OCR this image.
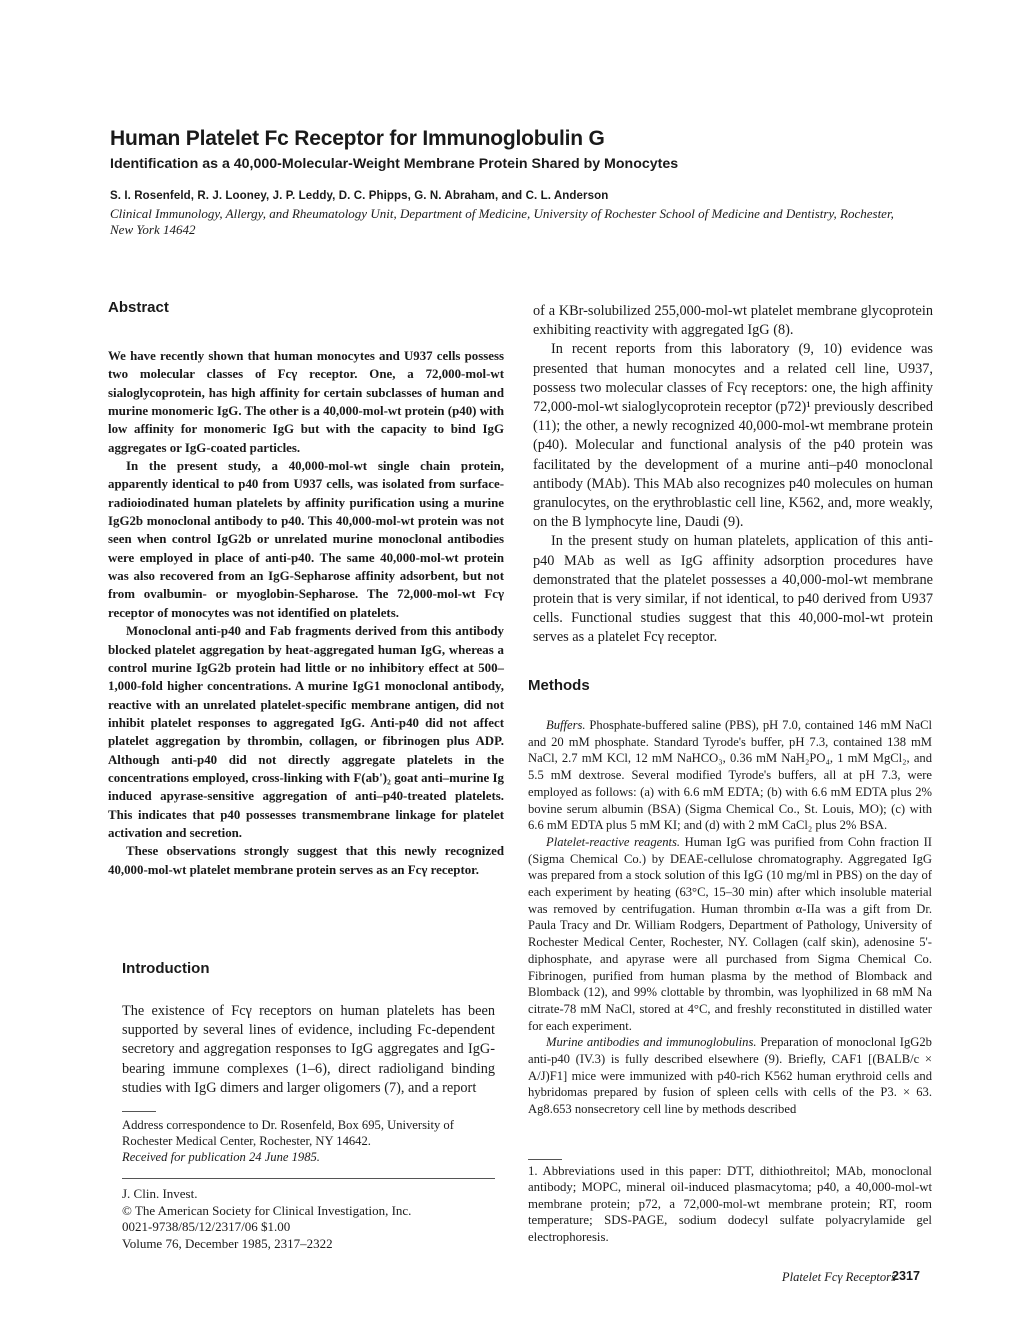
Human Platelet Fc Receptor for Immunoglobulin G
Identification as a 40,000-Molecular-Weight Membrane Protein Shared by Monocytes
S. I. Rosenfeld, R. J. Looney, J. P. Leddy, D. C. Phipps, G. N. Abraham, and C. L. Anderson
Clinical Immunology, Allergy, and Rheumatology Unit, Department of Medicine, University of Rochester School of Medicine and Dentistry, Rochester, New York 14642
Abstract

We have recently shown that human monocytes and U937 cells possess two molecular classes of Fcγ receptor. One, a 72,000-mol-wt sialoglycoprotein, has high affinity for certain subclasses of human and murine monomeric IgG. The other is a 40,000-mol-wt protein (p40) with low affinity for monomeric IgG but with the capacity to bind IgG aggregates or IgG-coated particles.

In the present study, a 40,000-mol-wt single chain protein, apparently identical to p40 from U937 cells, was isolated from surface-radioiodinated human platelets by affinity purification using a murine IgG2b monoclonal antibody to p40. This 40,000-mol-wt protein was not seen when control IgG2b or unrelated murine monoclonal antibodies were employed in place of anti-p40. The same 40,000-mol-wt protein was also recovered from an IgG-Sepharose affinity adsorbent, but not from ovalbumin- or myoglobin-Sepharose. The 72,000-mol-wt Fcγ receptor of monocytes was not identified on platelets.

Monoclonal anti-p40 and Fab fragments derived from this antibody blocked platelet aggregation by heat-aggregated human IgG, whereas a control murine IgG2b protein had little or no inhibitory effect at 500–1,000-fold higher concentrations. A murine IgG1 monoclonal antibody, reactive with an unrelated platelet-specific membrane antigen, did not inhibit platelet responses to aggregated IgG. Anti-p40 did not affect platelet aggregation by thrombin, collagen, or fibrinogen plus ADP. Although anti-p40 did not directly aggregate platelets in the concentrations employed, cross-linking with F(ab')₂ goat anti–murine Ig induced apyrase-sensitive aggregation of anti–p40-treated platelets. This indicates that p40 possesses transmembrane linkage for platelet activation and secretion.

These observations strongly suggest that this newly recognized 40,000-mol-wt platelet membrane protein serves as an Fcγ receptor.

Introduction

The existence of Fcγ receptors on human platelets has been supported by several lines of evidence, including Fc-dependent secretory and aggregation responses to IgG aggregates and IgG-bearing immune complexes (1–6), direct radioligand binding studies with IgG dimers and larger oligomers (7), and a report

Address correspondence to Dr. Rosenfeld, Box 695, University of Rochester Medical Center, Rochester, NY 14642.

Received for publication 24 June 1985.

J. Clin. Invest.

© The American Society for Clinical Investigation, Inc.

0021-9738/85/12/2317/06 $1.00

Volume 76, December 1985, 2317–2322

of a KBr-solubilized 255,000-mol-wt platelet membrane glycoprotein exhibiting reactivity with aggregated IgG (8).

In recent reports from this laboratory (9, 10) evidence was presented that human monocytes and a related cell line, U937, possess two molecular classes of Fcγ receptors: one, the high affinity 72,000-mol-wt sialoglycoprotein receptor (p72)¹ previously described (11); the other, a newly recognized 40,000-mol-wt membrane protein (p40). Molecular and functional analysis of the p40 protein was facilitated by the development of a murine anti–p40 monoclonal antibody (MAb). This MAb also recognizes p40 molecules on human granulocytes, on the erythroblastic cell line, K562, and, more weakly, on the B lymphocyte line, Daudi (9).

In the present study on human platelets, application of this anti-p40 MAb as well as IgG affinity adsorption procedures have demonstrated that the platelet possesses a 40,000-mol-wt membrane protein that is very similar, if not identical, to p40 derived from U937 cells. Functional studies suggest that this 40,000-mol-wt protein serves as a platelet Fcγ receptor.

Methods

Buffers. Phosphate-buffered saline (PBS), pH 7.0, contained 146 mM NaCl and 20 mM phosphate. Standard Tyrode's buffer, pH 7.3, contained 138 mM NaCl, 2.7 mM KCl, 12 mM NaHCO₃, 0.36 mM NaH₂PO₄, 1 mM MgCl₂, and 5.5 mM dextrose. Several modified Tyrode's buffers, all at pH 7.3, were employed as follows: (a) with 6.6 mM EDTA; (b) with 6.6 mM EDTA plus 2% bovine serum albumin (BSA) (Sigma Chemical Co., St. Louis, MO); (c) with 6.6 mM EDTA plus 5 mM KI; and (d) with 2 mM CaCl₂ plus 2% BSA.

Platelet-reactive reagents. Human IgG was purified from Cohn fraction II (Sigma Chemical Co.) by DEAE-cellulose chromatography. Aggregated IgG was prepared from a stock solution of this IgG (10 mg/ml in PBS) on the day of each experiment by heating (63°C, 15–30 min) after which insoluble material was removed by centrifugation. Human thrombin α-IIa was a gift from Dr. Paula Tracy and Dr. William Rodgers, Department of Pathology, University of Rochester Medical Center, Rochester, NY. Collagen (calf skin), adenosine 5'-diphosphate, and apyrase were all purchased from Sigma Chemical Co. Fibrinogen, purified from human plasma by the method of Blomback and Blomback (12), and 99% clottable by thrombin, was lyophilized in 68 mM Na citrate-78 mM NaCl, stored at 4°C, and freshly reconstituted in distilled water for each experiment.

Murine antibodies and immunoglobulins. Preparation of monoclonal IgG2b anti-p40 (IV.3) is fully described elsewhere (9). Briefly, CAF1 [(BALB/c × A/J)F1] mice were immunized with p40-rich K562 human erythroid cells and hybridomas prepared by fusion of spleen cells with cells of the P3. × 63. Ag8.653 nonsecretory cell line by methods described

1. Abbreviations used in this paper: DTT, dithiothreitol; MAb, monoclonal antibody; MOPC, mineral oil-induced plasmacytoma; p40, a 40,000-mol-wt membrane protein; p72, a 72,000-mol-wt membrane protein; RT, room temperature; SDS-PAGE, sodium dodecyl sulfate polyacrylamide gel electrophoresis.
Platelet Fcγ Receptors
2317
